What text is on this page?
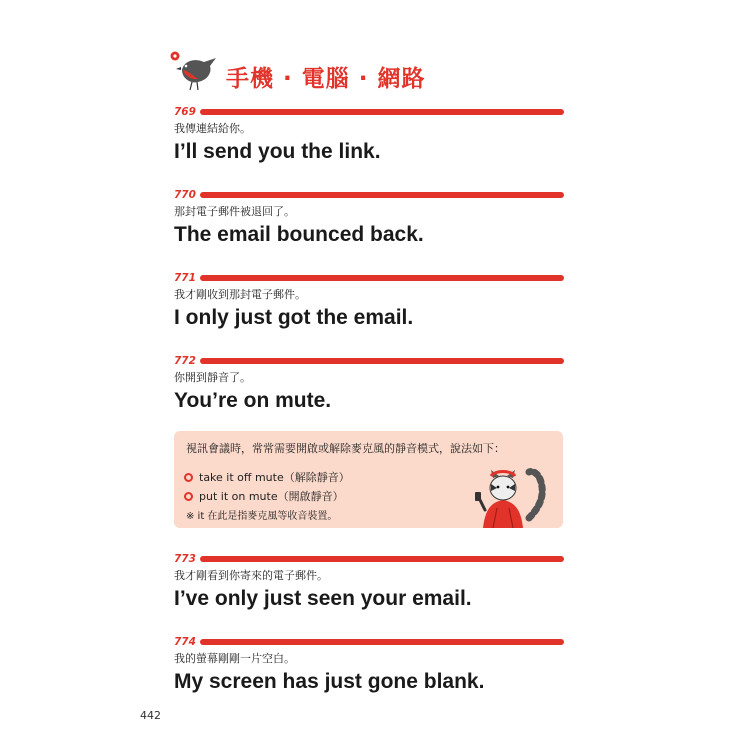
手機 · 電腦 · 網路
769
我傳連結給你。
I’ll send you the link.
770
那封電子郵件被退回了。
The email bounced back.
771
我才剛收到那封電子郵件。
I only just got the email.
772
你開到靜音了。
You’re on mute.
視訊會議時，常常需要開啟或解除麥克風的靜音模式，說法如下：
take it off mute（解除靜音）
put it on mute（開啟靜音）
※ it 在此是指麥克風等收音裝置。
773
我才剛看到你寄來的電子郵件。
I’ve only just seen your email.
774
我的螢幕剛剛一片空白。
My screen has just gone blank.
442
